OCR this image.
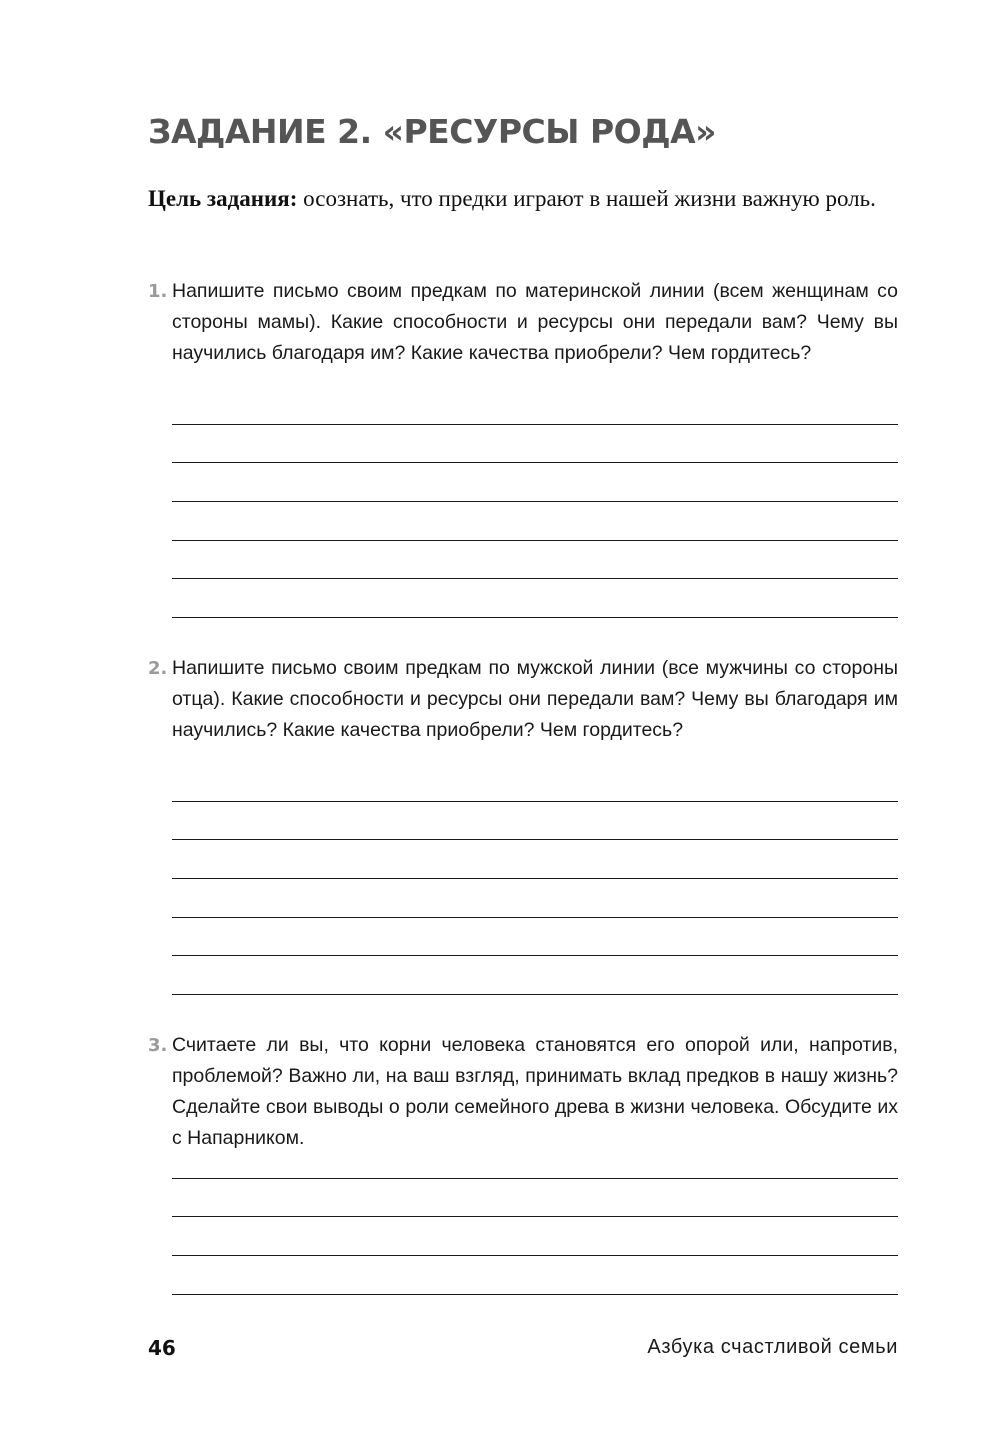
ЗАДАНИЕ 2. «РЕСУРСЫ РОДА»
Цель задания: осознать, что предки играют в нашей жизни важную роль.
1. Напишите письмо своим предкам по материнской линии (всем женщинам со стороны мамы). Какие способности и ресурсы они передали вам? Чему вы научились благодаря им? Какие качества приобрели? Чем гордитесь?
2. Напишите письмо своим предкам по мужской линии (все мужчины со стороны отца). Какие способности и ресурсы они передали вам? Чему вы благодаря им научились? Какие качества приобрели? Чем гордитесь?
3. Считаете ли вы, что корни человека становятся его опорой или, напротив, проблемой? Важно ли, на ваш взгляд, принимать вклад предков в нашу жизнь? Сделайте свои выводы о роли семейного древа в жизни человека. Обсудите их с Напарником.
46	Азбука счастливой семьи
